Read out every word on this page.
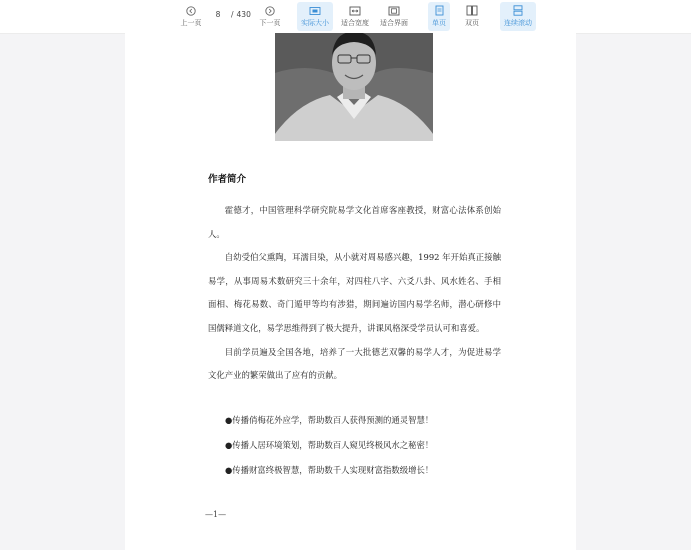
上一页
8	/ 430
下一页	实际大小 适合宽度 适合界面	单页	双页	连续滚动
作者简介

霍德才，中国管理科学研究院易学文化首席客座教授，财富心法体系创始人。

自幼受伯父熏陶，耳濡目染，从小就对周易感兴趣，1992 年开始真正接触易学，从事周易术数研究三十余年，对四柱八字、六爻八卦、风水姓名、手相面相、梅花易数、奇门遁甲等均有涉猎，期间遍访国内易学名师，潜心研修中国儒释道文化，易学思维得到了极大提升，讲课风格深受学员认可和喜爱。

目前学员遍及全国各地，培养了一大批德艺双馨的易学人才，为促进易学文化产业的繁荣做出了应有的贡献。

●传播俏梅花外应学，帮助数百人获得预测的通灵智慧！
●传播人居环境策划，帮助数百人窥见终极风水之秘密！
●传播财富终极智慧，帮助数千人实现财富指数级增长！
—1—
